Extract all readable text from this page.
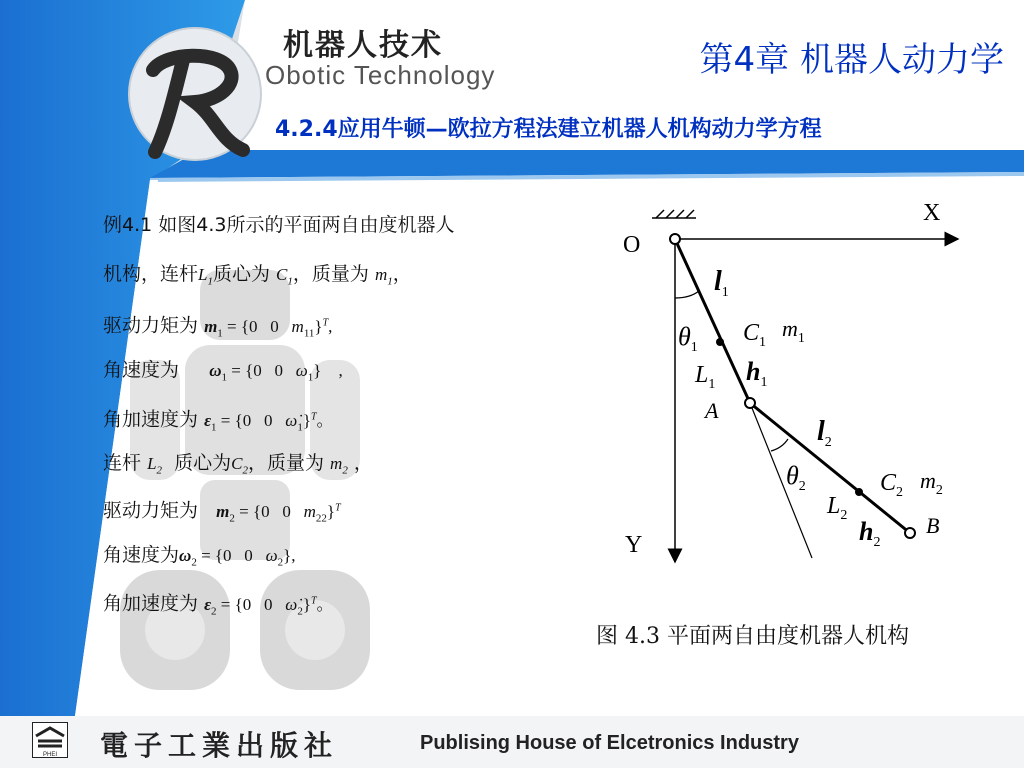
机器人技术
Obotic Technology	第4章 机器人动力学
4.2.4应用牛顿—欧拉方程法建立机器人机构动力学方程
例4.1 如图4.3所示的平面两自由度机器人
机构，连杆$L_1$质心为 $C_1$，质量为 $m_1$，
驱动力矩为 $m_1 = \{0$   0   $m_{11}\}^T$,
角速度为 $\omega_1 = \{0$   0   $\omega_1$}    ,
角加速度为 $\varepsilon_1 = \{0$   0   $\omegȧ_1\}^T$。
连杆 $L_2$ 质心为$C_2$，质量为 $m_2$ ，
驱动力矩为 $m_2 = \{0$   0   $m_{22}\}^T$
角速度为$\omega_2 = \{0$   0   $\omega_2$},
角加速度为 $\varepsilon_2 = \{0$   0   $\omegȧ_2\}^T$。
X
Y
O
A
B
$l_1$
$l_2$
$\theta_1$
$\theta_2$
$C_1$
$m_1$
$C_2$ $m_2$
$L_1$
$L_2$
$h_1$
$h_2$
图 4.3 平面两自由度机器人机构
PHEI 電子工業出版社	Publising House of Elcetronics Industry
